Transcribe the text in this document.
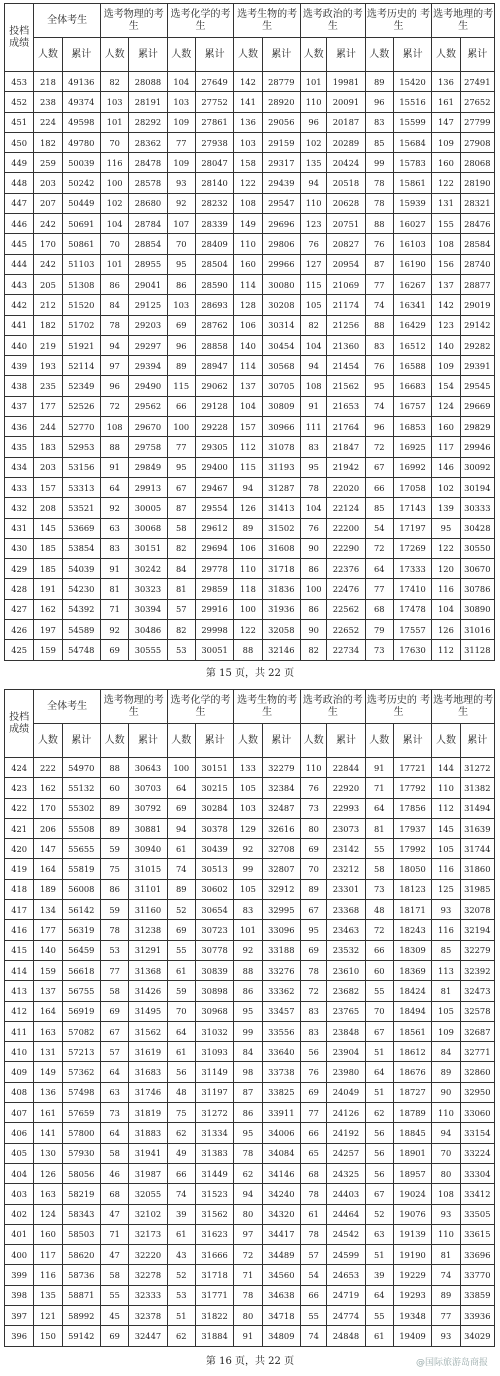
投档成绩	全体考生		选考物理的考生		选考化学的考生		选考生物的考生		选考政治的考生		选考历史的 考生		选考地理的考生	
	人数	累计	人数	累计	人数	累计	人数	累计	人数	累计	人数	累计	人数	累计
453	218	49136	82	28088	104	27649	142	28779	101	19981	89	15420	136	27491
452	238	49374	103	28191	103	27752	141	28920	110	20091	96	15516	161	27652
451	224	49598	101	28292	109	27861	136	29056	96	20187	83	15599	147	27799
450	182	49780	70	28362	77	27938	103	29159	102	20289	85	15684	109	27908
449	259	50039	116	28478	109	28047	158	29317	135	20424	99	15783	160	28068
448	203	50242	100	28578	93	28140	122	29439	94	20518	78	15861	122	28190
447	207	50449	102	28680	92	28232	108	29547	110	20628	78	15939	131	28321
446	242	50691	104	28784	107	28339	149	29696	123	20751	88	16027	155	28476
445	170	50861	70	28854	70	28409	110	29806	76	20827	76	16103	108	28584
444	242	51103	101	28955	95	28504	160	29966	127	20954	87	16190	156	28740
443	205	51308	86	29041	86	28590	114	30080	115	21069	77	16267	137	28877
442	212	51520	84	29125	103	28693	128	30208	105	21174	74	16341	142	29019
441	182	51702	78	29203	69	28762	106	30314	82	21256	88	16429	123	29142
440	219	51921	94	29297	96	28858	140	30454	104	21360	83	16512	140	29282
439	193	52114	97	29394	89	28947	114	30568	94	21454	76	16588	109	29391
438	235	52349	96	29490	115	29062	137	30705	108	21562	95	16683	154	29545
437	177	52526	72	29562	66	29128	104	30809	91	21653	74	16757	124	29669
436	244	52770	108	29670	100	29228	157	30966	111	21764	96	16853	160	29829
435	183	52953	88	29758	77	29305	112	31078	83	21847	72	16925	117	29946
434	203	53156	91	29849	95	29400	115	31193	95	21942	67	16992	146	30092
433	157	53313	64	29913	67	29467	94	31287	78	22020	66	17058	102	30194
432	208	53521	92	30005	87	29554	126	31413	104	22124	85	17143	139	30333
431	145	53669	63	30068	58	29612	89	31502	76	22200	54	17197	95	30428
430	185	53854	83	30151	82	29694	106	31608	90	22290	72	17269	122	30550
429	185	54039	91	30242	84	29778	110	31718	86	22376	64	17333	120	30670
428	191	54230	81	30323	81	29859	118	31836	100	22476	77	17410	116	30786
427	162	54392	71	30394	57	29916	100	31936	86	22562	68	17478	104	30890
426	197	54589	92	30486	82	29998	122	32058	90	22652	79	17557	126	31016
425	159	54748	69	30555	53	30051	88	32146	82	22734	73	17630	112	31128
第 15 页，共 22 页
投档成绩	全体考生		选考物理的考生		选考化学的考生		选考生物的考生		选考政治的考生		选考历史的 考生		选考地理的考生	
	人数	累计	人数	累计	人数	累计	人数	累计	人数	累计	人数	累计	人数	累计
424	222	54970	88	30643	100	30151	133	32279	110	22844	91	17721	144	31272
423	162	55132	60	30703	64	30215	105	32384	76	22920	71	17792	110	31382
422	170	55302	89	30792	69	30284	103	32487	73	22993	64	17856	112	31494
421	206	55508	89	30881	94	30378	129	32616	80	23073	81	17937	145	31639
420	147	55655	59	30940	61	30439	92	32708	69	23142	55	17992	105	31744
419	164	55819	75	31015	74	30513	99	32807	70	23212	58	18050	116	31860
418	189	56008	86	31101	89	30602	105	32912	89	23301	73	18123	125	31985
417	134	56142	59	31160	52	30654	83	32995	67	23368	48	18171	93	32078
416	177	56319	78	31238	69	30723	101	33096	95	23463	72	18243	116	32194
415	140	56459	53	31291	55	30778	92	33188	69	23532	66	18309	85	32279
414	159	56618	77	31368	61	30839	88	33276	78	23610	60	18369	113	32392
413	137	56755	58	31426	59	30898	86	33362	72	23682	55	18424	81	32473
412	164	56919	69	31495	70	30968	95	33457	83	23765	70	18494	105	32578
411	163	57082	67	31562	64	31032	99	33556	83	23848	67	18561	109	32687
410	131	57213	57	31619	61	31093	84	33640	56	23904	51	18612	84	32771
409	149	57362	64	31683	56	31149	98	33738	76	23980	64	18676	89	32860
408	136	57498	63	31746	48	31197	87	33825	69	24049	51	18727	90	32950
407	161	57659	73	31819	75	31272	86	33911	77	24126	62	18789	110	33060
406	141	57800	64	31883	62	31334	95	34006	66	24192	56	18845	94	33154
405	130	57930	58	31941	49	31383	78	34084	65	24257	56	18901	70	33224
404	126	58056	46	31987	66	31449	62	34146	68	24325	56	18957	80	33304
403	163	58219	68	32055	74	31523	94	34240	78	24403	67	19024	108	33412
402	124	58343	47	32102	39	31562	80	34320	61	24464	52	19076	93	33505
401	160	58503	71	32173	61	31623	97	34417	78	24542	63	19139	110	33615
400	117	58620	47	32220	43	31666	72	34489	57	24599	51	19190	81	33696
399	116	58736	58	32278	52	31718	71	34560	54	24653	39	19229	74	33770
398	135	58871	55	32333	53	31771	78	34638	66	24719	64	19293	89	33859
397	121	58992	45	32378	51	31822	80	34718	55	24774	55	19348	77	33936
396	150	59142	69	32447	62	31884	91	34809	74	24848	61	19409	93	34029
第 16 页，共 22 页	@国际旅游岛商报
